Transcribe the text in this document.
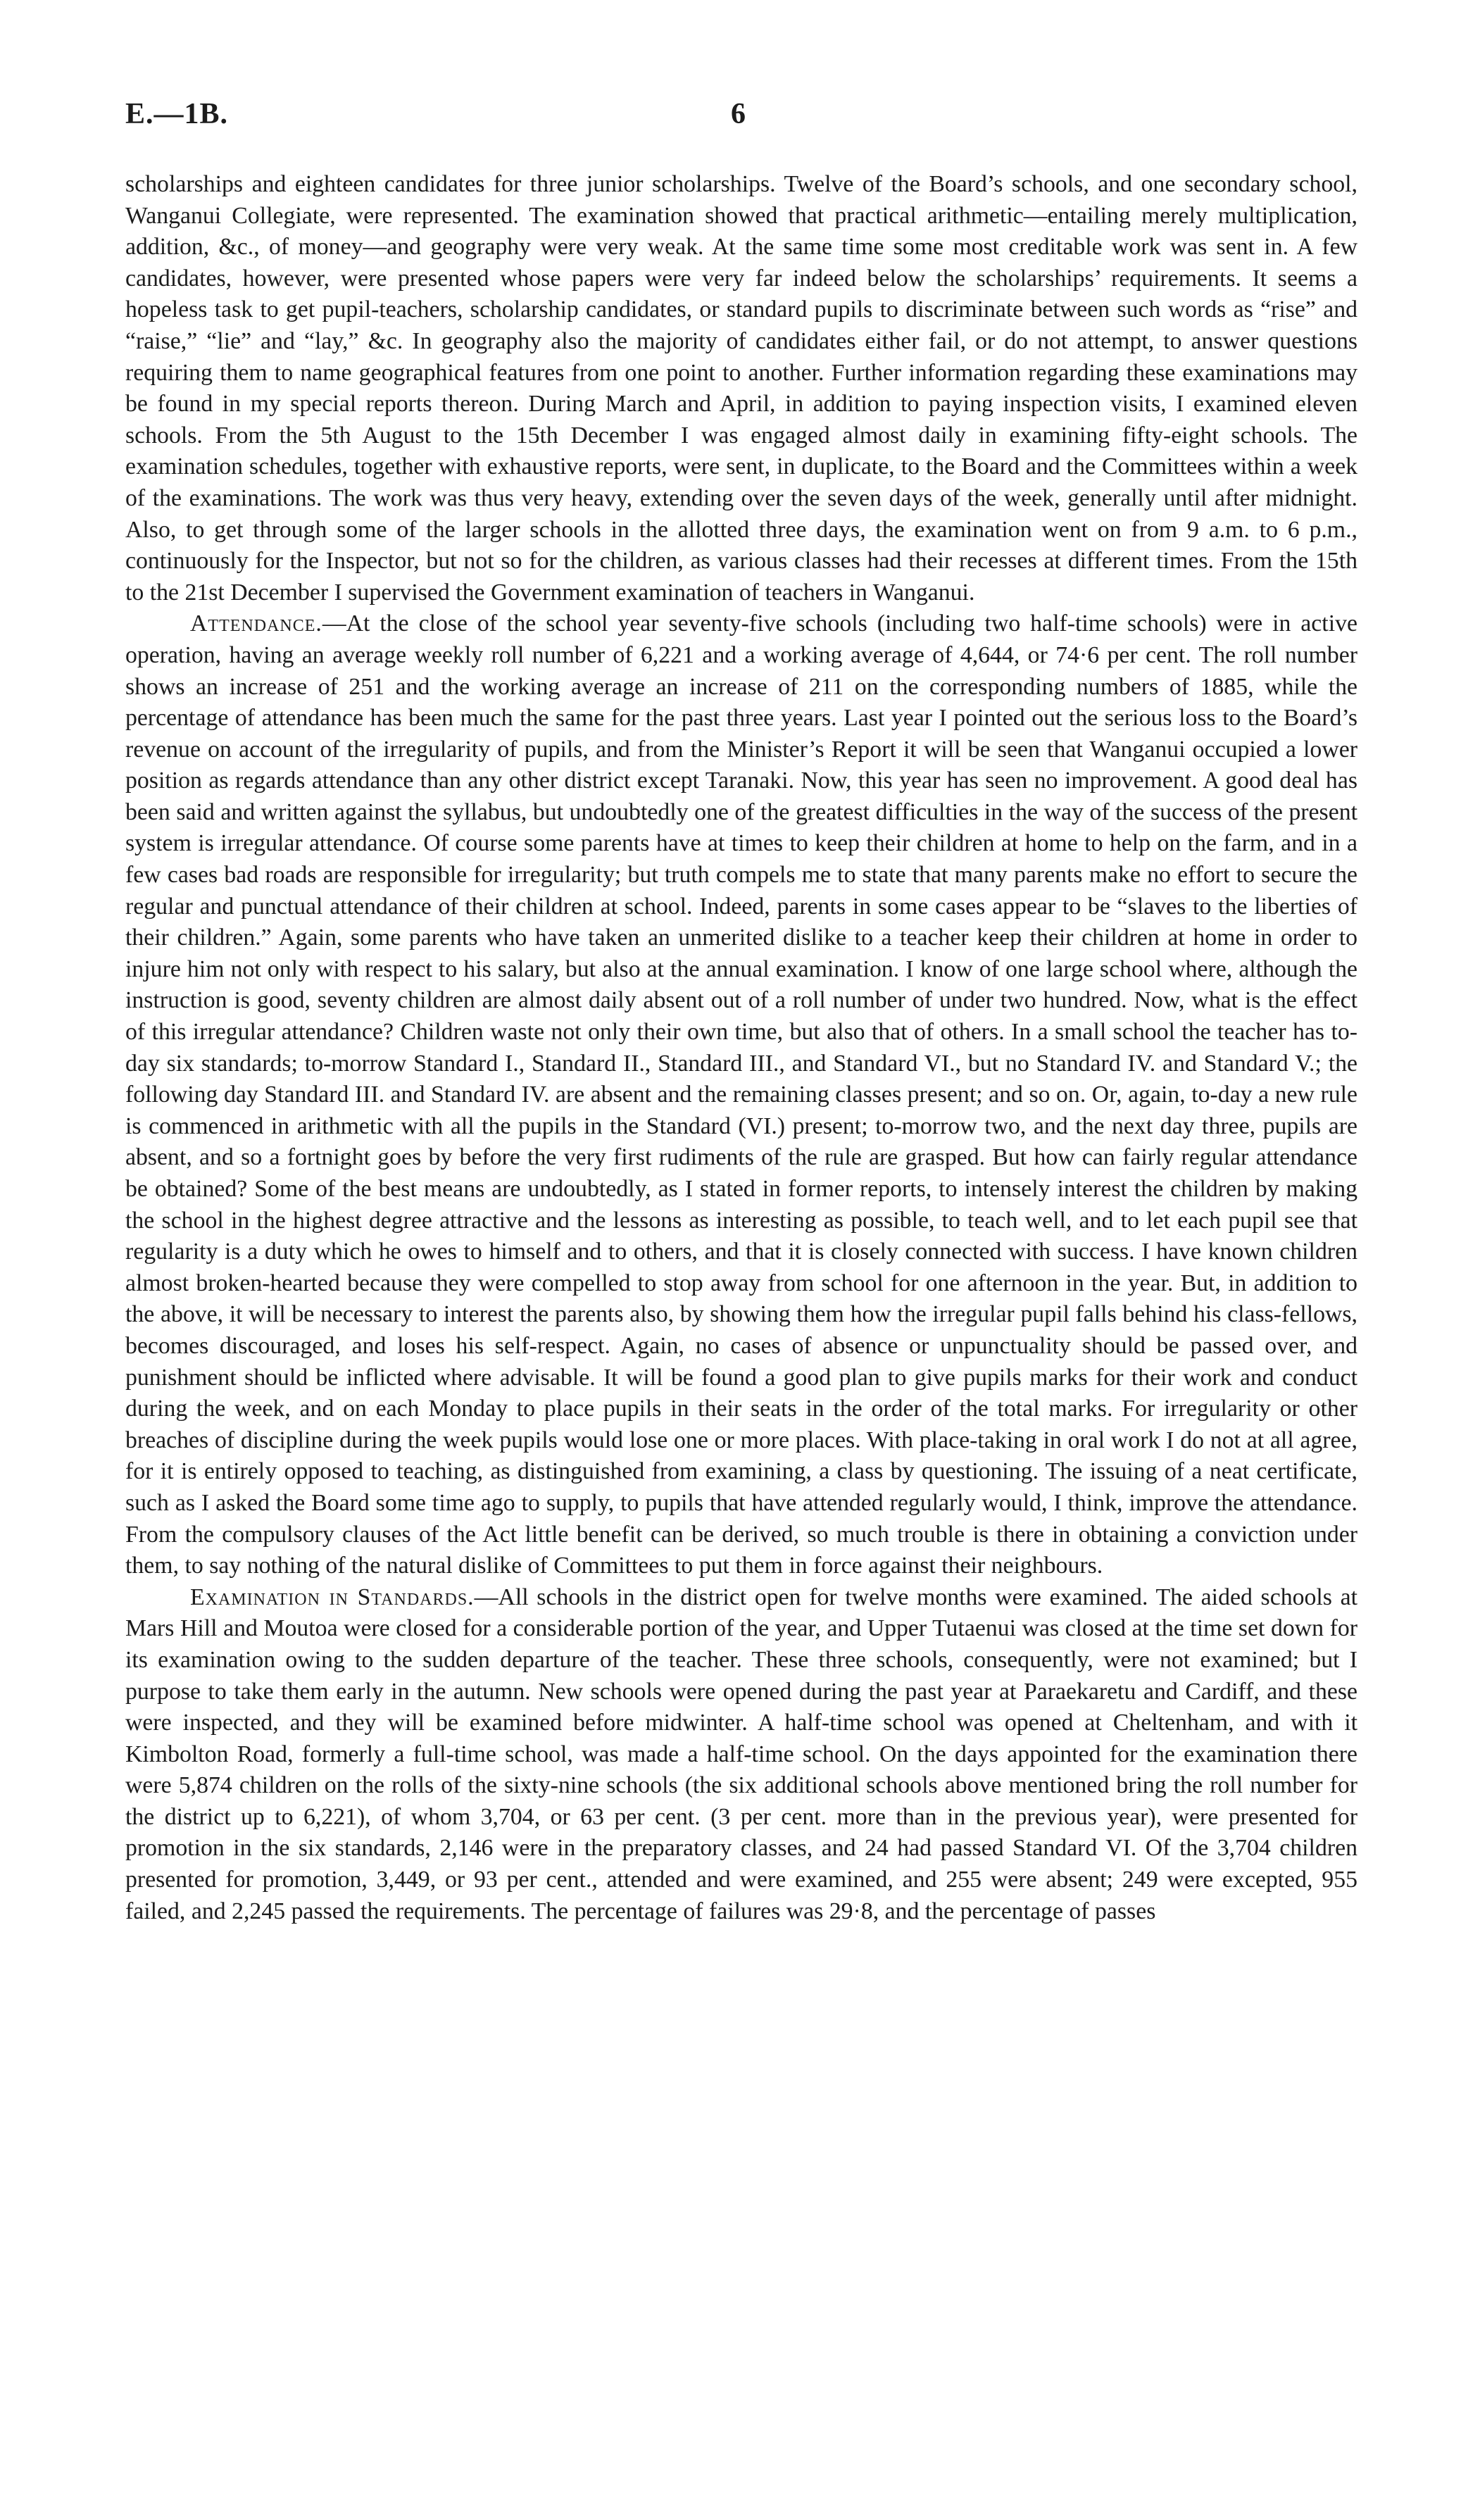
E.—1B.	6

scholarships and eighteen candidates for three junior scholarships. Twelve of the Board’s schools, and one secondary school, Wanganui Collegiate, were represented. The examination showed that practical arithmetic—entailing merely multiplication, addition, &c., of money—and geography were very weak. At the same time some most creditable work was sent in. A few candidates, however, were presented whose papers were very far indeed below the scholarships’ requirements. It seems a hopeless task to get pupil-teachers, scholarship candidates, or standard pupils to discriminate between such words as “rise” and “raise,” “lie” and “lay,” &c. In geography also the majority of candidates either fail, or do not attempt, to answer questions requiring them to name geographical features from one point to another. Further information regarding these examinations may be found in my special reports thereon. During March and April, in addition to paying inspection visits, I examined eleven schools. From the 5th August to the 15th December I was engaged almost daily in examining fifty-eight schools. The examination schedules, together with exhaustive reports, were sent, in duplicate, to the Board and the Committees within a week of the examinations. The work was thus very heavy, extending over the seven days of the week, generally until after midnight. Also, to get through some of the larger schools in the allotted three days, the examination went on from 9 a.m. to 6 p.m., continuously for the Inspector, but not so for the children, as various classes had their recesses at different times. From the 15th to the 21st December I supervised the Government examination of teachers in Wanganui.

Attendance.—At the close of the school year seventy-five schools (including two half-time schools) were in active operation, having an average weekly roll number of 6,221 and a working average of 4,644, or 74·6 per cent. The roll number shows an increase of 251 and the working average an increase of 211 on the corresponding numbers of 1885, while the percentage of attendance has been much the same for the past three years. Last year I pointed out the serious loss to the Board’s revenue on account of the irregularity of pupils, and from the Minister’s Report it will be seen that Wanganui occupied a lower position as regards attendance than any other district except Taranaki. Now, this year has seen no improvement. A good deal has been said and written against the syllabus, but undoubtedly one of the greatest difficulties in the way of the success of the present system is irregular attendance. Of course some parents have at times to keep their children at home to help on the farm, and in a few cases bad roads are responsible for irregularity; but truth compels me to state that many parents make no effort to secure the regular and punctual attendance of their children at school. Indeed, parents in some cases appear to be “slaves to the liberties of their children.” Again, some parents who have taken an unmerited dislike to a teacher keep their children at home in order to injure him not only with respect to his salary, but also at the annual examination. I know of one large school where, although the instruction is good, seventy children are almost daily absent out of a roll number of under two hundred. Now, what is the effect of this irregular attendance? Children waste not only their own time, but also that of others. In a small school the teacher has to-day six standards; to-morrow Standard I., Standard II., Standard III., and Standard VI., but no Standard IV. and Standard V.; the following day Standard III. and Standard IV. are absent and the remaining classes present; and so on. Or, again, to-day a new rule is commenced in arithmetic with all the pupils in the Standard (VI.) present; to-morrow two, and the next day three, pupils are absent, and so a fortnight goes by before the very first rudiments of the rule are grasped. But how can fairly regular attendance be obtained? Some of the best means are undoubtedly, as I stated in former reports, to intensely interest the children by making the school in the highest degree attractive and the lessons as interesting as possible, to teach well, and to let each pupil see that regularity is a duty which he owes to himself and to others, and that it is closely connected with success. I have known children almost broken-hearted because they were compelled to stop away from school for one afternoon in the year. But, in addition to the above, it will be necessary to interest the parents also, by showing them how the irregular pupil falls behind his class-fellows, becomes discouraged, and loses his self-respect. Again, no cases of absence or unpunctuality should be passed over, and punishment should be inflicted where advisable. It will be found a good plan to give pupils marks for their work and conduct during the week, and on each Monday to place pupils in their seats in the order of the total marks. For irregularity or other breaches of discipline during the week pupils would lose one or more places. With place-taking in oral work I do not at all agree, for it is entirely opposed to teaching, as distinguished from examining, a class by questioning. The issuing of a neat certificate, such as I asked the Board some time ago to supply, to pupils that have attended regularly would, I think, improve the attendance. From the compulsory clauses of the Act little benefit can be derived, so much trouble is there in obtaining a conviction under them, to say nothing of the natural dislike of Committees to put them in force against their neighbours.

Examination in Standards.—All schools in the district open for twelve months were examined. The aided schools at Mars Hill and Moutoa were closed for a considerable portion of the year, and Upper Tutaenui was closed at the time set down for its examination owing to the sudden departure of the teacher. These three schools, consequently, were not examined; but I purpose to take them early in the autumn. New schools were opened during the past year at Paraekaretu and Cardiff, and these were inspected, and they will be examined before midwinter. A half-time school was opened at Cheltenham, and with it Kimbolton Road, formerly a full-time school, was made a half-time school. On the days appointed for the examination there were 5,874 children on the rolls of the sixty-nine schools (the six additional schools above mentioned bring the roll number for the district up to 6,221), of whom 3,704, or 63 per cent. (3 per cent. more than in the previous year), were presented for promotion in the six standards, 2,146 were in the preparatory classes, and 24 had passed Standard VI. Of the 3,704 children presented for promotion, 3,449, or 93 per cent., attended and were examined, and 255 were absent; 249 were excepted, 955 failed, and 2,245 passed the requirements. The percentage of failures was 29·8, and the percentage of passes
